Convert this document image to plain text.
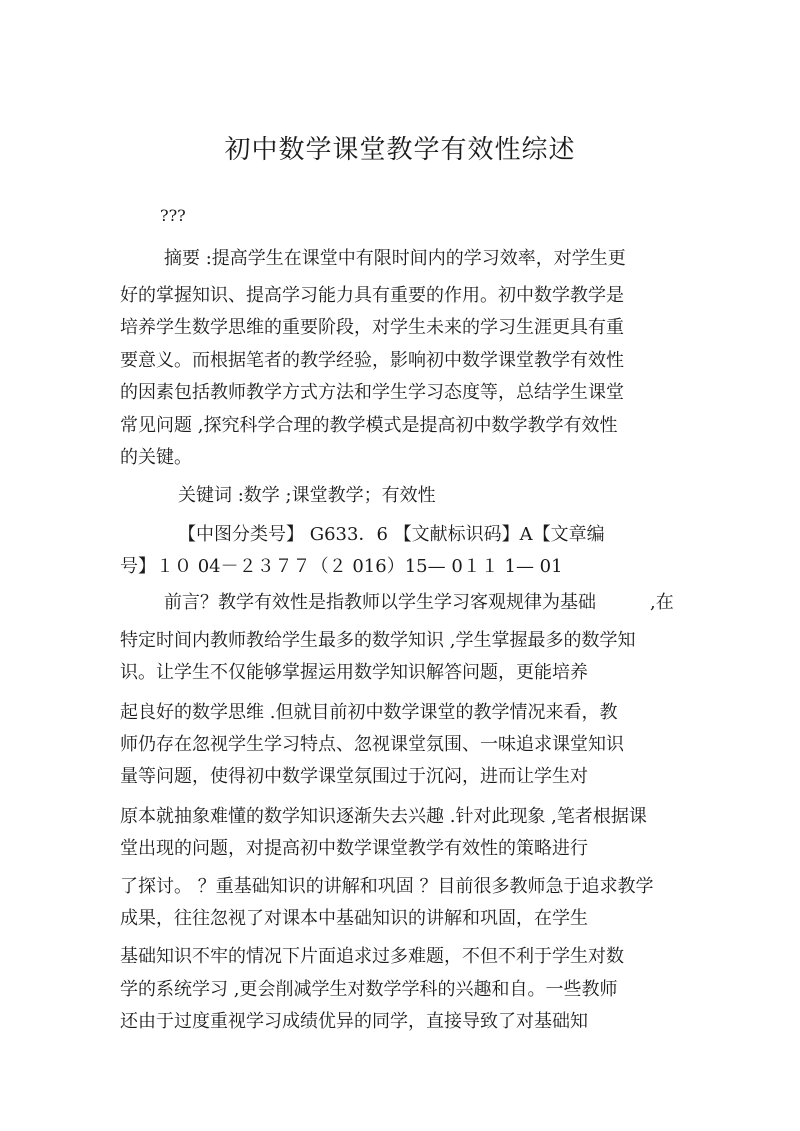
初中数学课堂教学有效性综述
???
摘要 :提高学生在课堂中有限时间内的学习效率，对学生更
好的掌握知识、提高学习能力具有重要的作用。初中数学教学是
培养学生数学思维的重要阶段，对学生未来的学习生涯更具有重
要意义。而根据笔者的教学经验，影响初中数学课堂教学有效性
的因素包括教师教学方式方法和学生学习态度等，总结学生课堂
常见问题 ,探究科学合理的教学模式是提高初中数学教学有效性
的关键。
关键词 :数学 ;课堂教学；有效性
【中图分类号】 G633．6 【文献标识码】A【文章编
号】１０ 04－２３７７（２ 016）15— 0１１ 1— 01
前言？教学有效性是指教师以学生学习客观规律为基础	,在
特定时间内教师教给学生最多的数学知识 ,学生掌握最多的数学知
识。让学生不仅能够掌握运用数学知识解答问题，更能培养
起良好的数学思维 .但就目前初中数学课堂的教学情况来看，教
师仍存在忽视学生学习特点、忽视课堂氛围、一味追求课堂知识
量等问题，使得初中数学课堂氛围过于沉闷，进而让学生对
原本就抽象难懂的数学知识逐渐失去兴趣 .针对此现象 ,笔者根据课
堂出现的问题，对提高初中数学课堂教学有效性的策略进行
了探讨。 ？重基础知识的讲解和巩固 ？目前很多教师急于追求教学
成果，往往忽视了对课本中基础知识的讲解和巩固，在学生
基础知识不牢的情况下片面追求过多难题，不但不利于学生对数
学的系统学习 ,更会削减学生对数学学科的兴趣和自。一些教师
还由于过度重视学习成绩优异的同学，直接导致了对基础知
